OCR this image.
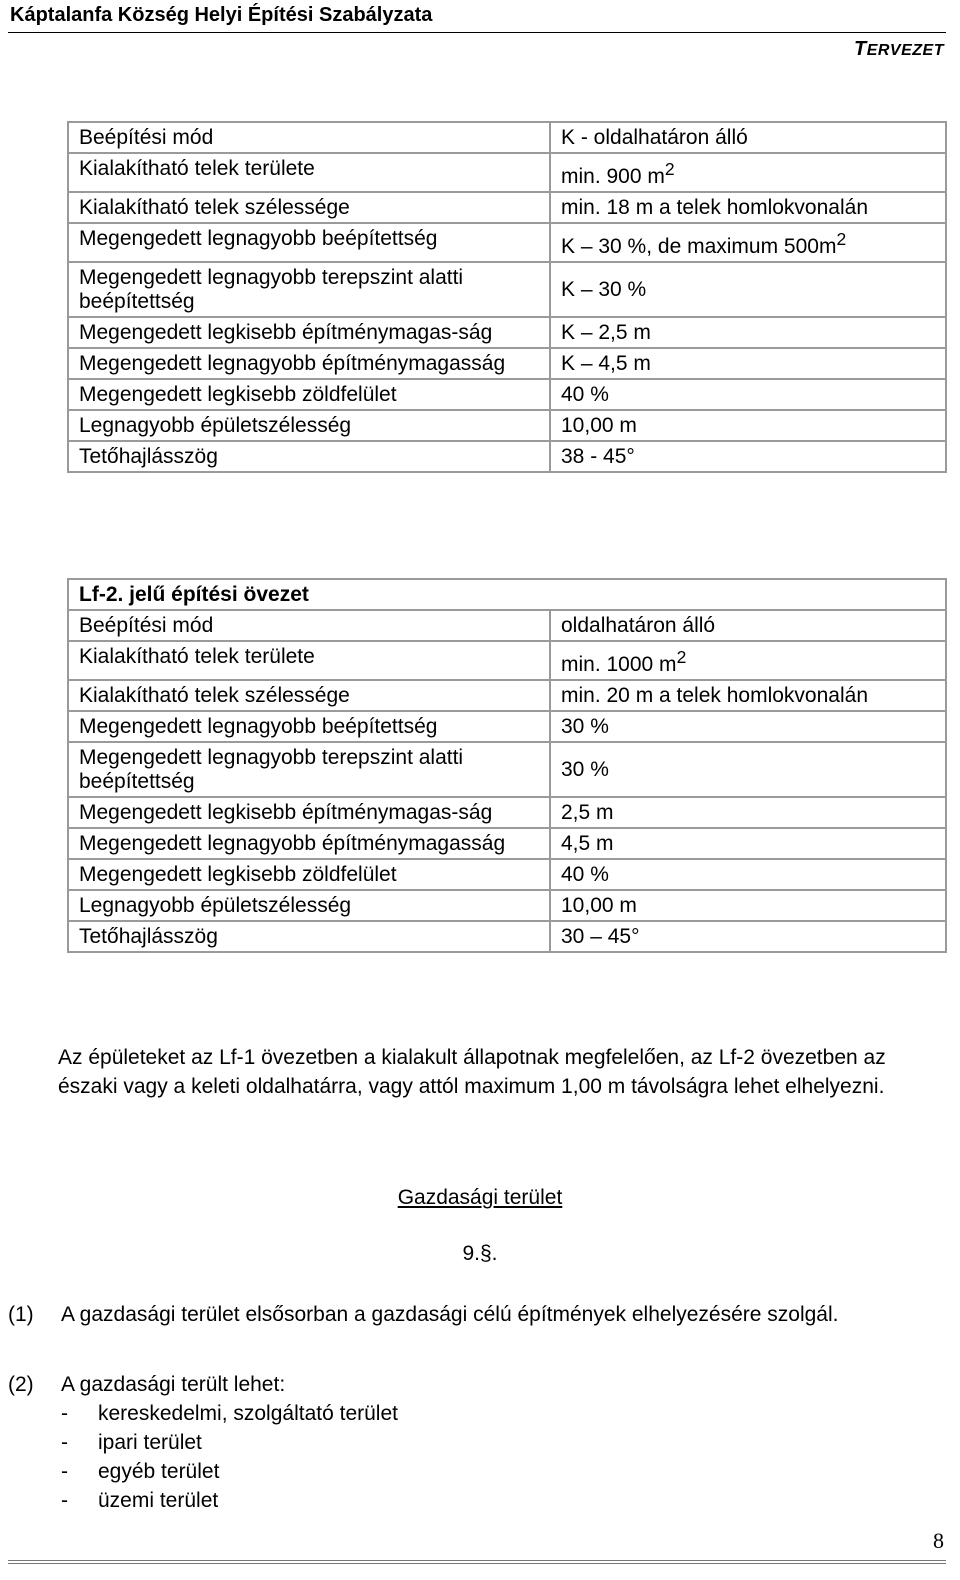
Káptalanfa Község Helyi Építési Szabályzata
TERVEZET
Beépítési mód	K - oldalhatáron álló
Kialakítható telek területe	min. 900 $m^2$
Kialakítható telek szélessége	min. 18 m a telek homlokvonalán
Megengedett legnagyobb beépítettség	K – 30 %, de maximum $500m^2$
Megengedett legnagyobb terepszint alatti beépítettség	K – 30 %
Megengedett legkisebb építménymagas-ság	K – 2,5 m
Megengedett legnagyobb építménymagasság	K – 4,5 m
Megengedett legkisebb zöldfelület	40 %
Legnagyobb épületszélesség	10,00 m
Tetőhajlásszög	38 - 45°
Lf-2. jelű építési övezet	
Beépítési mód	oldalhatáron álló
Kialakítható telek területe	min. 1000 $m^2$
Kialakítható telek szélessége	min. 20 m a telek homlokvonalán
Megengedett legnagyobb beépítettség	30 %
Megengedett legnagyobb terepszint alatti beépítettség	30 %
Megengedett legkisebb építménymagas-ság	2,5 m
Megengedett legnagyobb építménymagasság	4,5 m
Megengedett legkisebb zöldfelület	40 %
Legnagyobb épületszélesség	10,00 m
Tetőhajlásszög	30 – 45°
Az épületeket az Lf-1 övezetben a kialakult állapotnak megfelelően, az Lf-2 övezetben az északi vagy a keleti oldalhatárra, vagy attól maximum 1,00 m távolságra lehet elhelyezni.
Gazdasági terület
9.§.
(1) A gazdasági terület elsősorban a gazdasági célú építmények elhelyezésére szolgál.
(2) A gazdasági terült lehet:
- kereskedelmi, szolgáltató terület
- ipari terület
- egyéb terület
- üzemi terület
8
